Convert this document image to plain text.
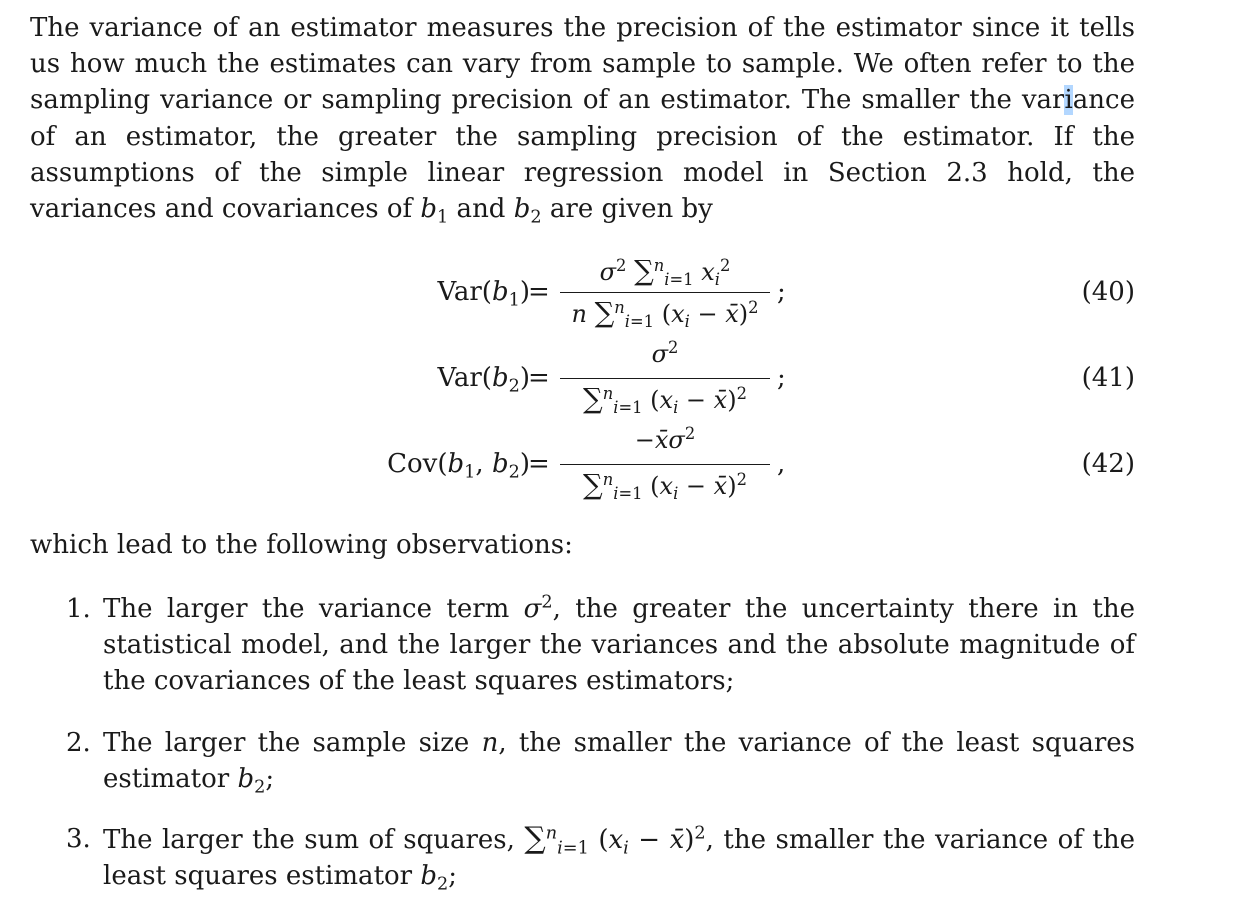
The variance of an estimator measures the precision of the estimator since it tells us how much the estimates can vary from sample to sample. We often refer to the sampling variance or sampling precision of an estimator. The smaller the variance of an estimator, the greater the sampling precision of the estimator. If the assumptions of the simple linear regression model in Section 2.3 hold, the variances and covariances of $b_1$ and $b_2$ are given by

$Var(b_1)$
=
$\sigma^2$ ∑$^n_{i=1}$ $x_i^2$
n ∑$^n_{i=1}$ ($x_i$ − x̄)$^2$
;	(40)
$Var(b_2)$
=
$\sigma^2$
∑$^n_{i=1}$ ($x_i$ − x̄)$^2$
;	(41)
$Cov(b_1$, $b_2$)
=
$-x̄\sigma^2$
∑$^n_{i=1}$ ($x_i$ − x̄)$^2$
,	(42)

which lead to the following observations:

1. The larger the variance term $\sigma^2$, the greater the uncertainty there in the statistical model, and the larger the variances and the absolute magnitude of the covariances of the least squares estimators;

2. The larger the sample size n, the smaller the variance of the least squares estimator $b_2$;

3. The larger the sum of squares, ∑$^n_{i=1}$ ($x_i$ − x̄)$^2$, the smaller the variance of the least squares estimator $b_2$;
